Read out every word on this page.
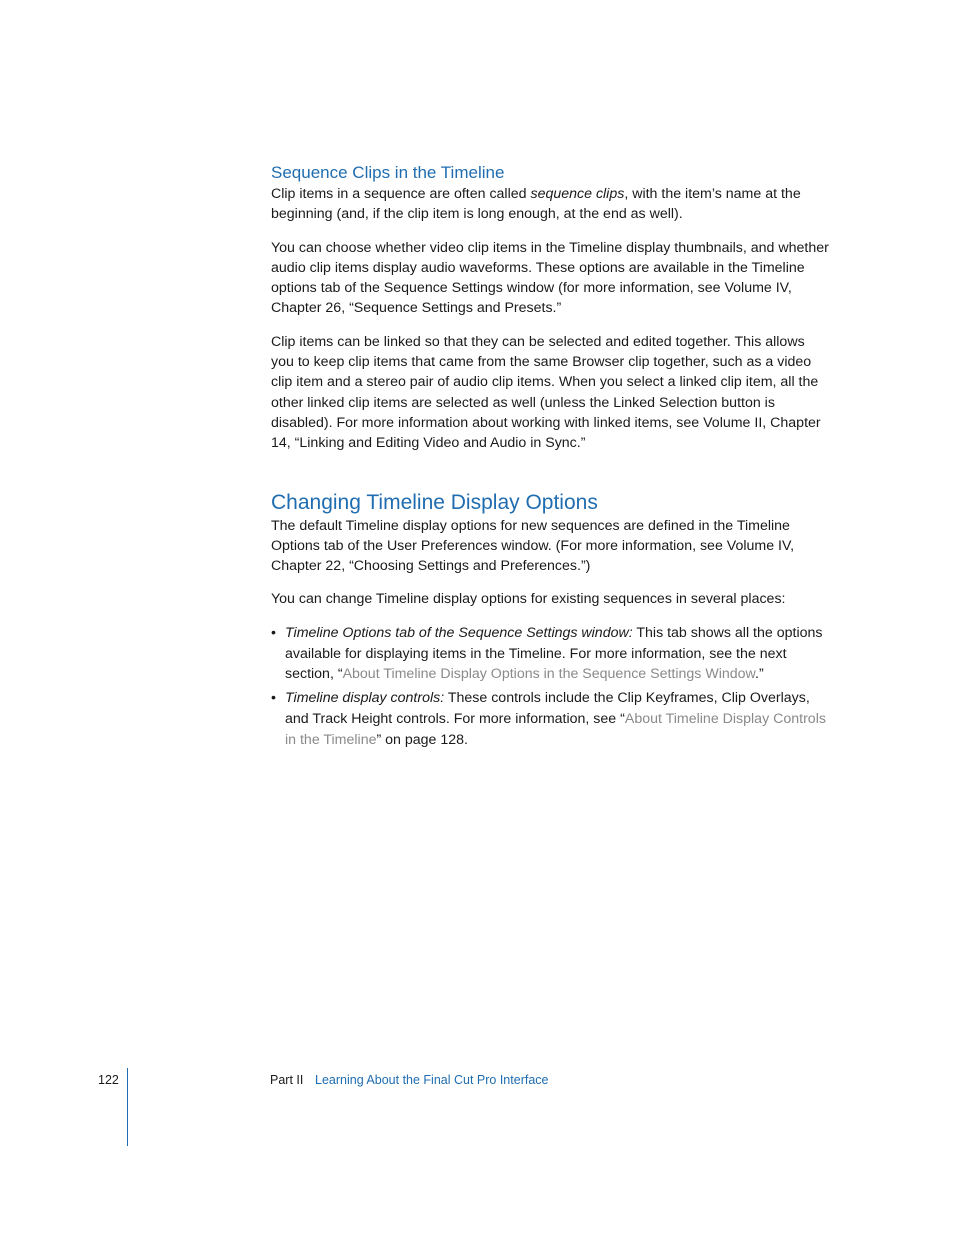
Sequence Clips in the Timeline

Clip items in a sequence are often called sequence clips, with the item’s name at the beginning (and, if the clip item is long enough, at the end as well).

You can choose whether video clip items in the Timeline display thumbnails, and whether audio clip items display audio waveforms. These options are available in the Timeline options tab of the Sequence Settings window (for more information, see Volume IV, Chapter 26, “Sequence Settings and Presets.”

Clip items can be linked so that they can be selected and edited together. This allows you to keep clip items that came from the same Browser clip together, such as a video clip item and a stereo pair of audio clip items. When you select a linked clip item, all the other linked clip items are selected as well (unless the Linked Selection button is disabled). For more information about working with linked items, see Volume II, Chapter 14, “Linking and Editing Video and Audio in Sync.”

Changing Timeline Display Options

The default Timeline display options for new sequences are defined in the Timeline Options tab of the User Preferences window. (For more information, see Volume IV, Chapter 22, “Choosing Settings and Preferences.”)

You can change Timeline display options for existing sequences in several places:

• Timeline Options tab of the Sequence Settings window: This tab shows all the options available for displaying items in the Timeline. For more information, see the next section, “About Timeline Display Options in the Sequence Settings Window.”
• Timeline display controls: These controls include the Clip Keyframes, Clip Overlays, and Track Height controls. For more information, see “About Timeline Display Controls in the Timeline” on page 128.
122	Part II Learning About the Final Cut Pro Interface
